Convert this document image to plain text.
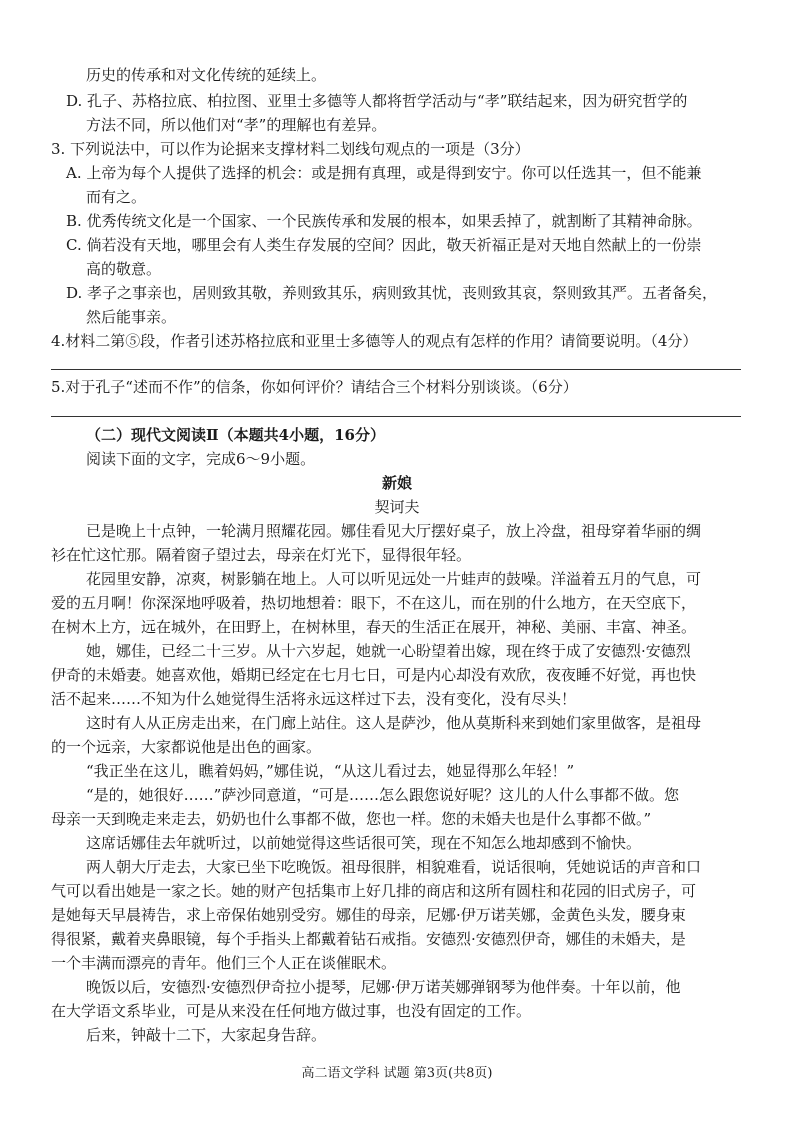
历史的传承和对文化传统的延续上。
D. 孔子、苏格拉底、柏拉图、亚里士多德等人都将哲学活动与“孝”联结起来，因为研究哲学的
方法不同，所以他们对“孝”的理解也有差异。
3. 下列说法中，可以作为论据来支撑材料二划线句观点的一项是（3分）
A. 上帝为每个人提供了选择的机会：或是拥有真理，或是得到安宁。你可以任选其一，但不能兼
而有之。
B. 优秀传统文化是一个国家、一个民族传承和发展的根本，如果丢掉了，就割断了其精神命脉。
C. 倘若没有天地，哪里会有人类生存发展的空间？因此，敬天祈福正是对天地自然献上的一份崇
高的敬意。
D. 孝子之事亲也，居则致其敬，养则致其乐，病则致其忧，丧则致其哀，祭则致其严。五者备矣，
然后能事亲。
4.材料二第⑤段，作者引述苏格拉底和亚里士多德等人的观点有怎样的作用？请简要说明。（4分）
5.对于孔子“述而不作”的信条，你如何评价？请结合三个材料分别谈谈。（6分）
（二）现代文阅读Ⅱ（本题共4小题，16分）
阅读下面的文字，完成6～9小题。
新娘
契诃夫
已是晚上十点钟，一轮满月照耀花园。娜佳看见大厅摆好桌子，放上冷盘，祖母穿着华丽的绸
衫在忙这忙那。隔着窗子望过去，母亲在灯光下，显得很年轻。
花园里安静，凉爽，树影躺在地上。人可以听见远处一片蛙声的鼓噪。洋溢着五月的气息，可
爱的五月啊！你深深地呼吸着，热切地想着：眼下，不在这儿，而在别的什么地方，在天空底下，
在树木上方，远在城外，在田野上，在树林里，春天的生活正在展开，神秘、美丽、丰富、神圣。
她，娜佳，已经二十三岁。从十六岁起，她就一心盼望着出嫁，现在终于成了安德烈·安德烈
伊奇的未婚妻。她喜欢他，婚期已经定在七月七日，可是内心却没有欢欣，夜夜睡不好觉，再也快
活不起来……不知为什么她觉得生活将永远这样过下去，没有变化，没有尽头！
这时有人从正房走出来，在门廊上站住。这人是萨沙，他从莫斯科来到她们家里做客，是祖母
的一个远亲，大家都说他是出色的画家。
“我正坐在这儿，瞧着妈妈，”娜佳说，“从这儿看过去，她显得那么年轻！”
“是的，她很好……”萨沙同意道，“可是……怎么跟您说好呢？这儿的人什么事都不做。您
母亲一天到晚走来走去，奶奶也什么事都不做，您也一样。您的未婚夫也是什么事都不做。”
这席话娜佳去年就听过，以前她觉得这些话很可笑，现在不知怎么地却感到不愉快。
两人朝大厅走去，大家已坐下吃晚饭。祖母很胖，相貌难看，说话很响，凭她说话的声音和口
气可以看出她是一家之长。她的财产包括集市上好几排的商店和这所有圆柱和花园的旧式房子，可
是她每天早晨祷告，求上帝保佑她别受穷。娜佳的母亲，尼娜·伊万诺芙娜，金黄色头发，腰身束
得很紧，戴着夹鼻眼镜，每个手指头上都戴着钻石戒指。安德烈·安德烈伊奇，娜佳的未婚夫，是
一个丰满而漂亮的青年。他们三个人正在谈催眠术。
晚饭以后，安德烈·安德烈伊奇拉小提琴，尼娜·伊万诺芙娜弹钢琴为他伴奏。十年以前，他
在大学语文系毕业，可是从来没在任何地方做过事，也没有固定的工作。
后来，钟敲十二下，大家起身告辞。
高二语文学科 试题 第3页(共8页)
